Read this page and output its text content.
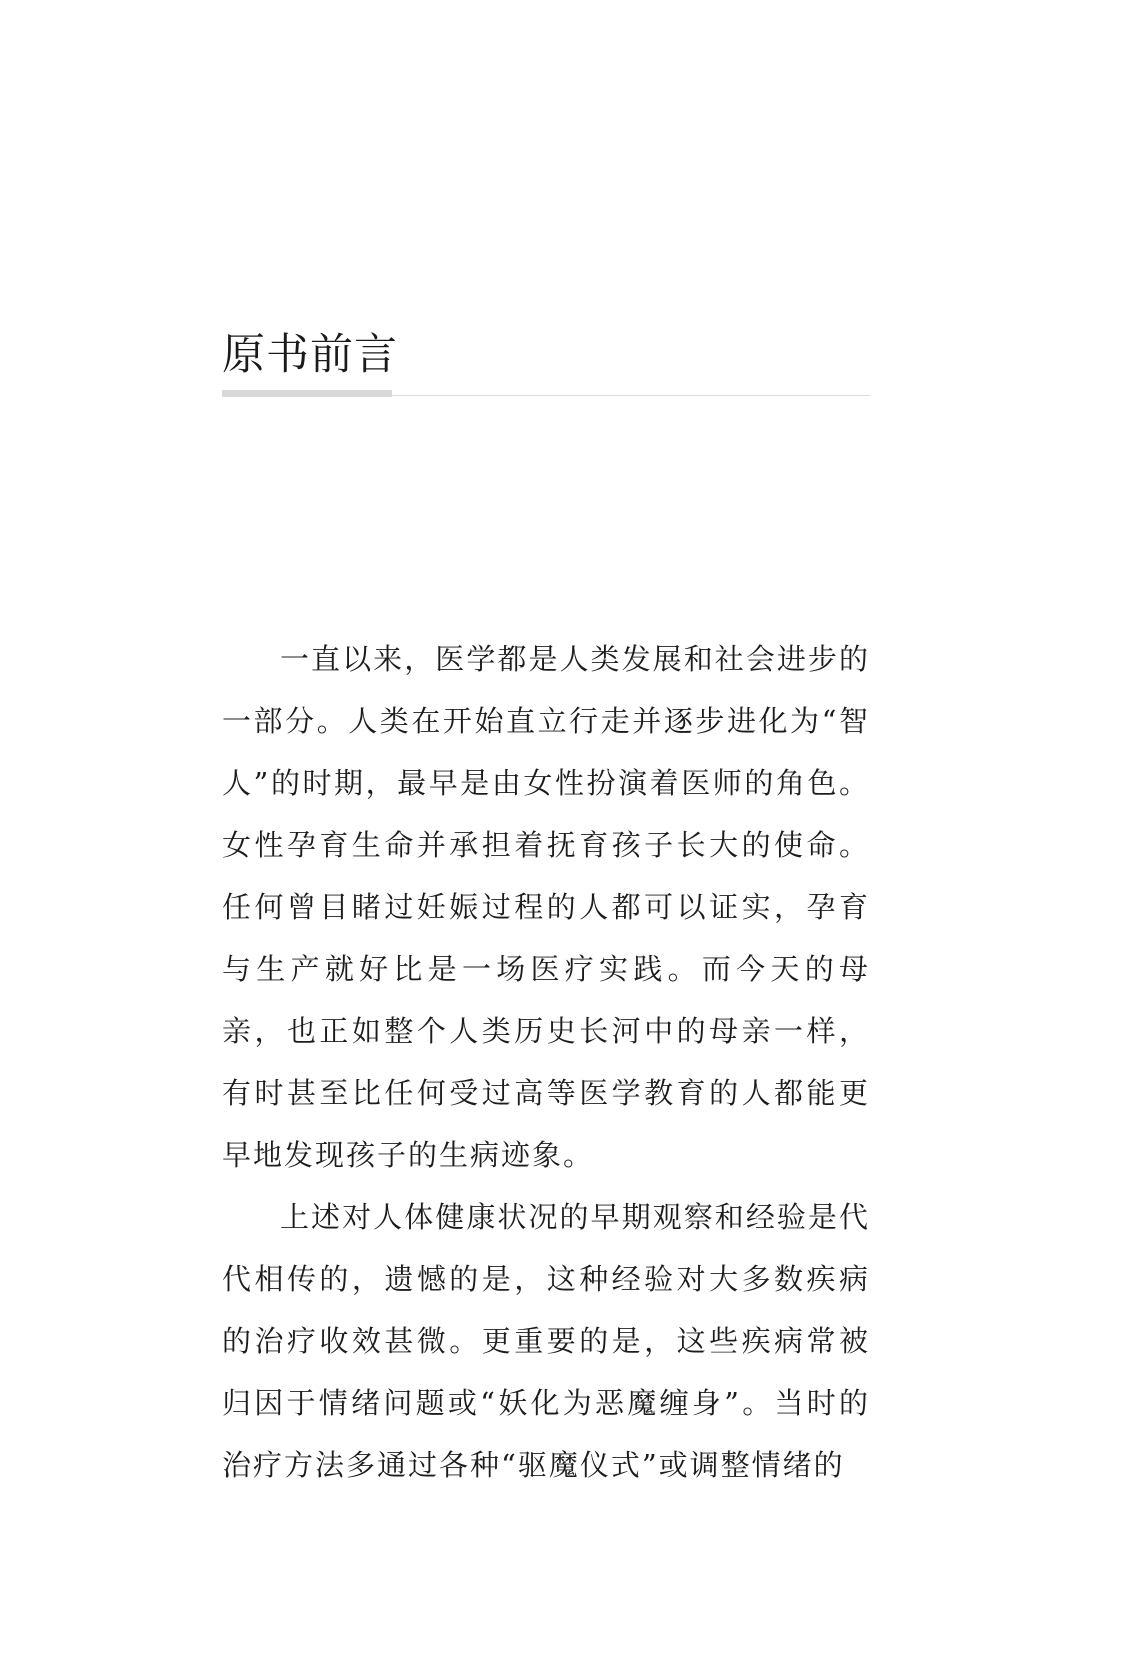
原书前言

一直以来，医学都是人类发展和社会进步的一部分。人类在开始直立行走并逐步进化为“智人”的时期，最早是由女性扮演着医师的角色。女性孕育生命并承担着抚育孩子长大的使命。任何曾目睹过妊娠过程的人都可以证实，孕育与生产就好比是一场医疗实践。而今天的母亲，也正如整个人类历史长河中的母亲一样，有时甚至比任何受过高等医学教育的人都能更早地发现孩子的生病迹象。

上述对人体健康状况的早期观察和经验是代代相传的，遗憾的是，这种经验对大多数疾病的治疗收效甚微。更重要的是，这些疾病常被归因于情绪问题或“妖化为恶魔缠身”。当时的治疗方法多通过各种“驱魔仪式”或调整情绪的
